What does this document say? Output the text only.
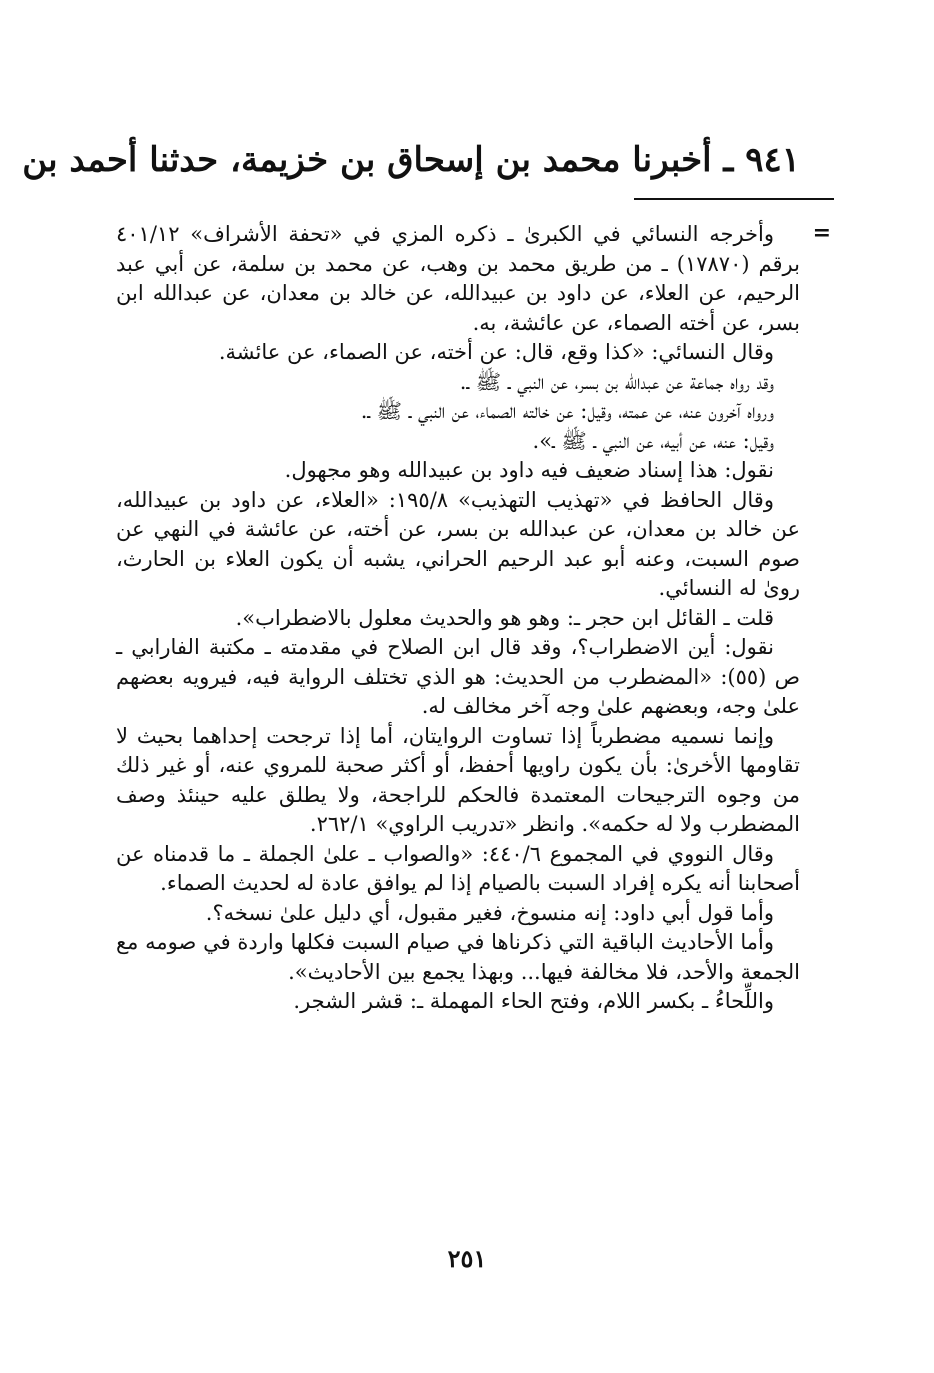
٩٤١ ـ أخبرنا محمد بن إسحاق بن خزيمة، حدثنا أحمد بن
=

وأخرجه النسائي في الكبرىٰ ـ ذكره المزي في «تحفة الأشراف» ٤٠١/١٢ برقم (١٧٨٧٠) ـ من طريق محمد بن وهب، عن محمد بن سلمة، عن أبي عبد الرحيم، عن العلاء، عن داود بن عبيدالله، عن خالد بن معدان، عن عبدالله ابن بسر، عن أخته الصماء، عن عائشة، به.

وقال النسائي: «كذا وقع، قال: عن أخته، عن الصماء، عن عائشة.

وقد رواه جماعة عن عبدالله بن بسر، عن النبي ـ ﷺ ـ.

ورواه آخرون عنه، عن عمته، وقيل: عن خالته الصماء، عن النبي ـ ﷺ ـ.

وقيل: عنه، عن أبيه، عن النبي ـ ﷺ ـ».

نقول: هذا إسناد ضعيف فيه داود بن عبيدالله وهو مجهول.

وقال الحافظ في «تهذيب التهذيب» ١٩٥/٨: «العلاء، عن داود بن عبيدالله، عن خالد بن معدان، عن عبدالله بن بسر، عن أخته، عن عائشة في النهي عن صوم السبت، وعنه أبو عبد الرحيم الحراني، يشبه أن يكون العلاء بن الحارث، روىٰ له النسائي.

قلت ـ القائل ابن حجر ـ: وهو هو والحديث معلول بالاضطراب».

نقول: أين الاضطراب؟، وقد قال ابن الصلاح في مقدمته ـ مكتبة الفارابي ـ ص (٥٥): «المضطرب من الحديث: هو الذي تختلف الرواية فيه، فيرويه بعضهم علىٰ وجه، وبعضهم علىٰ وجه آخر مخالف له.

وإنما نسميه مضطرباً إذا تساوت الروايتان، أما إذا ترجحت إحداهما بحيث لا تقاومها الأخرىٰ: بأن يكون راويها أحفظ، أو أكثر صحبة للمروي عنه، أو غير ذلك من وجوه الترجيحات المعتمدة فالحكم للراجحة، ولا يطلق عليه حينئذ وصف المضطرب ولا له حكمه». وانظر «تدريب الراوي» ٢٦٢/١.

وقال النووي في المجموع ٤٤٠/٦: «والصواب ـ علىٰ الجملة ـ ما قدمناه عن أصحابنا أنه يكره إفراد السبت بالصيام إذا لم يوافق عادة له لحديث الصماء.

وأما قول أبي داود: إنه منسوخ، فغير مقبول، أي دليل علىٰ نسخه؟.

وأما الأحاديث الباقية التي ذكرناها في صيام السبت فكلها واردة في صومه مع الجمعة والأحد، فلا مخالفة فيها... وبهذا يجمع بين الأحاديث».

واللِّحاءُ ـ بكسر اللام، وفتح الحاء المهملة ـ: قشر الشجر.

٢٥١
